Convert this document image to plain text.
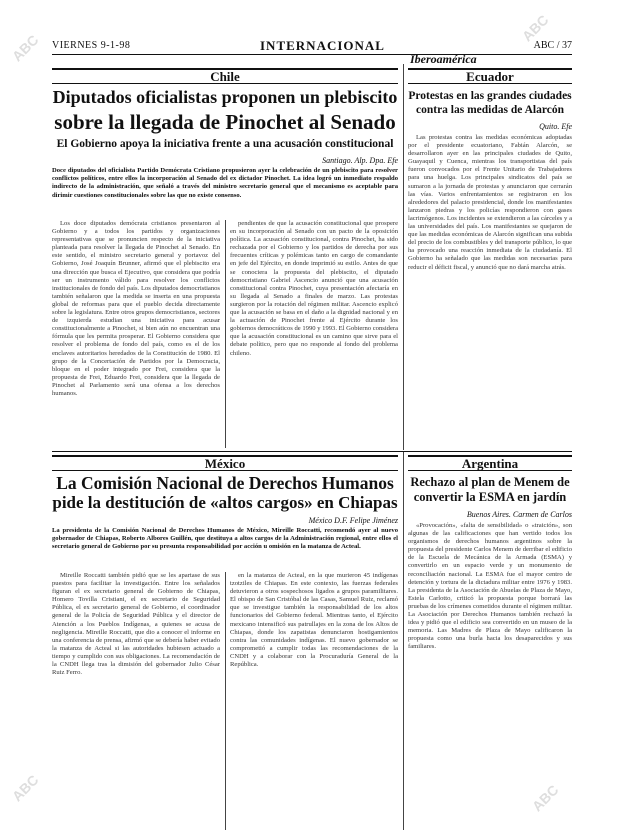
VIERNES 9-1-98	INTERNACIONAL	ABC / 37
Iberoamérica
Chile
Diputados oficialistas proponen un plebiscito
sobre la llegada de Pinochet al Senado
El Gobierno apoya la iniciativa frente a una acusación constitucional
Santiago. Alp. Dpa. Efe
Doce diputados del oficialista Partido Demócrata Cristiano propusieron ayer la celebración de un plebiscito para resolver conflictos políticos, entre ellos la incorporación al Senado del ex dictador Pinochet. La idea logró un inmediato respaldo indirecto de la administración, que señaló a través del ministro secretario general que el mecanismo es aceptable para dirimir cuestiones constitucionales sobre las que no existe consenso.

Los doce diputados demócrata cristianos presentaron al Gobierno y a todos los partidos y organizaciones representativas que se pronuncien respecto de la iniciativa planteada para resolver la llegada de Pinochet al Senado. En este sentido, el ministro secretario general y portavoz del Gobierno, José Joaquín Brunner, afirmó que el plebiscito era una dirección que busca el Ejecutivo, que considera que podría ser un instrumento válido para resolver los conflictos institucionales de fondo del país. Los diputados democristianos también señalaron que la medida se inserta en una propuesta global de reformas para que el pueblo decida directamente sobre la legislatura. Entre otros grupos democristianos, sectores de izquierda estudian una iniciativa para acusar constitucionalmente a Pinochet, si bien aún no encuentran una fórmula que les permita prosperar. El Gobierno considera que resolver el problema de fondo del país, como es el de los enclaves autoritarios heredados de la Constitución de 1980. El grupo de la Concertación de Partidos por la Democracia, bloque en el poder integrado por Frei, considera que la propuesta de Frei, Eduardo Frei, considera que la llegada de Pinochet al Parlamento será una ofensa a los derechos humanos.

pendientes de que la acusación constitucional que prospere en su incorporación al Senado con un pacto de la oposición política. La acusación constitucional, contra Pinochet, ha sido rechazada por el Gobierno y los partidos de derecha por sus frecuentes críticas y polémicas tanto en cargo de comandante en jefe del Ejército, en donde imprimió su estilo. Antes de que se conociera la propuesta del plebiscito, el diputado democristiano Gabriel Ascencio anunció que una acusación constitucional contra Pinochet, cuya presentación afectaría en su llegada al Senado a finales de marzo. Las protestas surgieron por la rotación del régimen militar. Ascencio explicó que la acusación se basa en el daño a la dignidad nacional y en la actuación de Pinochet frente al Ejército durante los gobiernos democráticos de 1990 y 1993. El Gobierno considera que la acusación constitucional es un camino que sirve para el debate político, pero que no responde al fondo del problema chileno.

Ecuador
Protestas en las grandes ciudades
contra las medidas de Alarcón
Quito. Efe

Las protestas contra las medidas económicas adoptadas por el presidente ecuatoriano, Fabián Alarcón, se desarrollaron ayer en las principales ciudades de Quito, Guayaquil y Cuenca, mientras los transportistas del país fueron convocados por el Frente Unitario de Trabajadores para una huelga. Los principales sindicatos del país se sumaron a la jornada de protestas y anunciaron que cerrarán las vías. Varios enfrentamientos se registraron en los alrededores del palacio presidencial, donde los manifestantes lanzaron piedras y los policías respondieron con gases lacrimógenos. Los incidentes se extendieron a las cárceles y a las universidades del país. Los manifestantes se quejaron de que las medidas económicas de Alarcón significan una subida del precio de los combustibles y del transporte público, lo que ha provocado una reacción inmediata de la ciudadanía. El Gobierno ha señalado que las medidas son necesarias para reducir el déficit fiscal, y anunció que no dará marcha atrás.

México
La Comisión Nacional de Derechos Humanos
pide la destitución de «altos cargos» en Chiapas
México D.F. Felipe Jiménez
La presidenta de la Comisión Nacional de Derechos Humanos de México, Mireille Roccatti, recomendó ayer al nuevo gobernador de Chiapas, Roberto Albores Guillén, que destituya a altos cargos de la Administración regional, entre ellos el secretario general de Gobierno por su presunta responsabilidad por acción u omisión en la matanza de Acteal.

Mireille Roccatti también pidió que se les apartase de sus puestos para facilitar la investigación. Entre los señalados figuran el ex secretario general de Gobierno de Chiapas, Homero Tovilla Cristiani, el ex secretario de Seguridad Pública, el ex secretario general de Gobierno, el coordinador general de la Policía de Seguridad Pública y el director de Atención a los Pueblos Indígenas, a quienes se acusa de negligencia. Mireille Roccatti, que dio a conocer el informe en una conferencia de prensa, afirmó que se debería haber evitado la matanza de Acteal si las autoridades hubiesen actuado a tiempo y cumplido con sus obligaciones. La recomendación de la CNDH llega tras la dimisión del gobernador Julio César Ruiz Ferro.

en la matanza de Acteal, en la que murieron 45 indígenas tzotziles de Chiapas. En este contexto, las fuerzas federales detuvieron a otros sospechosos ligados a grupos paramilitares. El obispo de San Cristóbal de las Casas, Samuel Ruiz, reclamó que se investigue también la responsabilidad de los altos funcionarios del Gobierno federal. Mientras tanto, el Ejército mexicano intensificó sus patrullajes en la zona de los Altos de Chiapas, donde los zapatistas denunciaron hostigamientos contra las comunidades indígenas. El nuevo gobernador se comprometió a cumplir todas las recomendaciones de la CNDH y a colaborar con la Procuraduría General de la República.

Argentina
Rechazo al plan de Menem de
convertir la ESMA en jardín
Buenos Aires. Carmen de Carlos

«Provocación», «falta de sensibilidad» o «traición», son algunas de las calificaciones que han vertido todos los organismos de derechos humanos argentinos sobre la propuesta del presidente Carlos Menem de derribar el edificio de la Escuela de Mecánica de la Armada (ESMA) y convertirlo en un espacio verde y un monumento de reconciliación nacional. La ESMA fue el mayor centro de detención y tortura de la dictadura militar entre 1976 y 1983. La presidenta de la Asociación de Abuelas de Plaza de Mayo, Estela Carlotto, criticó la propuesta porque borrará las pruebas de los crímenes cometidos durante el régimen militar. La Asociación por Derechos Humanos también rechazó la idea y pidió que el edificio sea convertido en un museo de la memoria. Las Madres de Plaza de Mayo calificaron la propuesta como una burla hacia los desaparecidos y sus familiares.

ABC
ABC
ABC	ABC
